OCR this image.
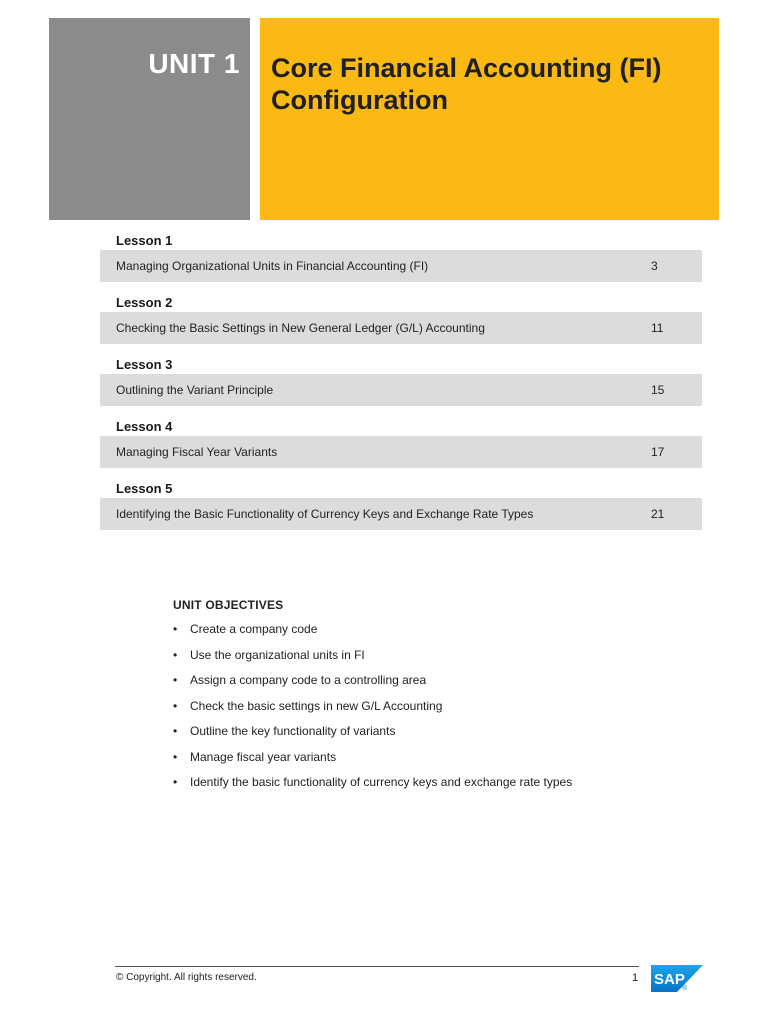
UNIT 1 Core Financial Accounting (FI)
Configuration
Lesson 1
Managing Organizational Units in Financial Accounting (FI)	3
Lesson 2
Checking the Basic Settings in New General Ledger (G/L) Accounting	11
Lesson 3
Outlining the Variant Principle	15
Lesson 4
Managing Fiscal Year Variants	17
Lesson 5
Identifying the Basic Functionality of Currency Keys and Exchange Rate Types	21
UNIT OBJECTIVES
• Create a company code
• Use the organizational units in FI
• Assign a company code to a controlling area
• Check the basic settings in new G/L Accounting
• Outline the key functionality of variants
• Manage fiscal year variants
• Identify the basic functionality of currency keys and exchange rate types
© Copyright. All rights reserved.	1 SAP
®
